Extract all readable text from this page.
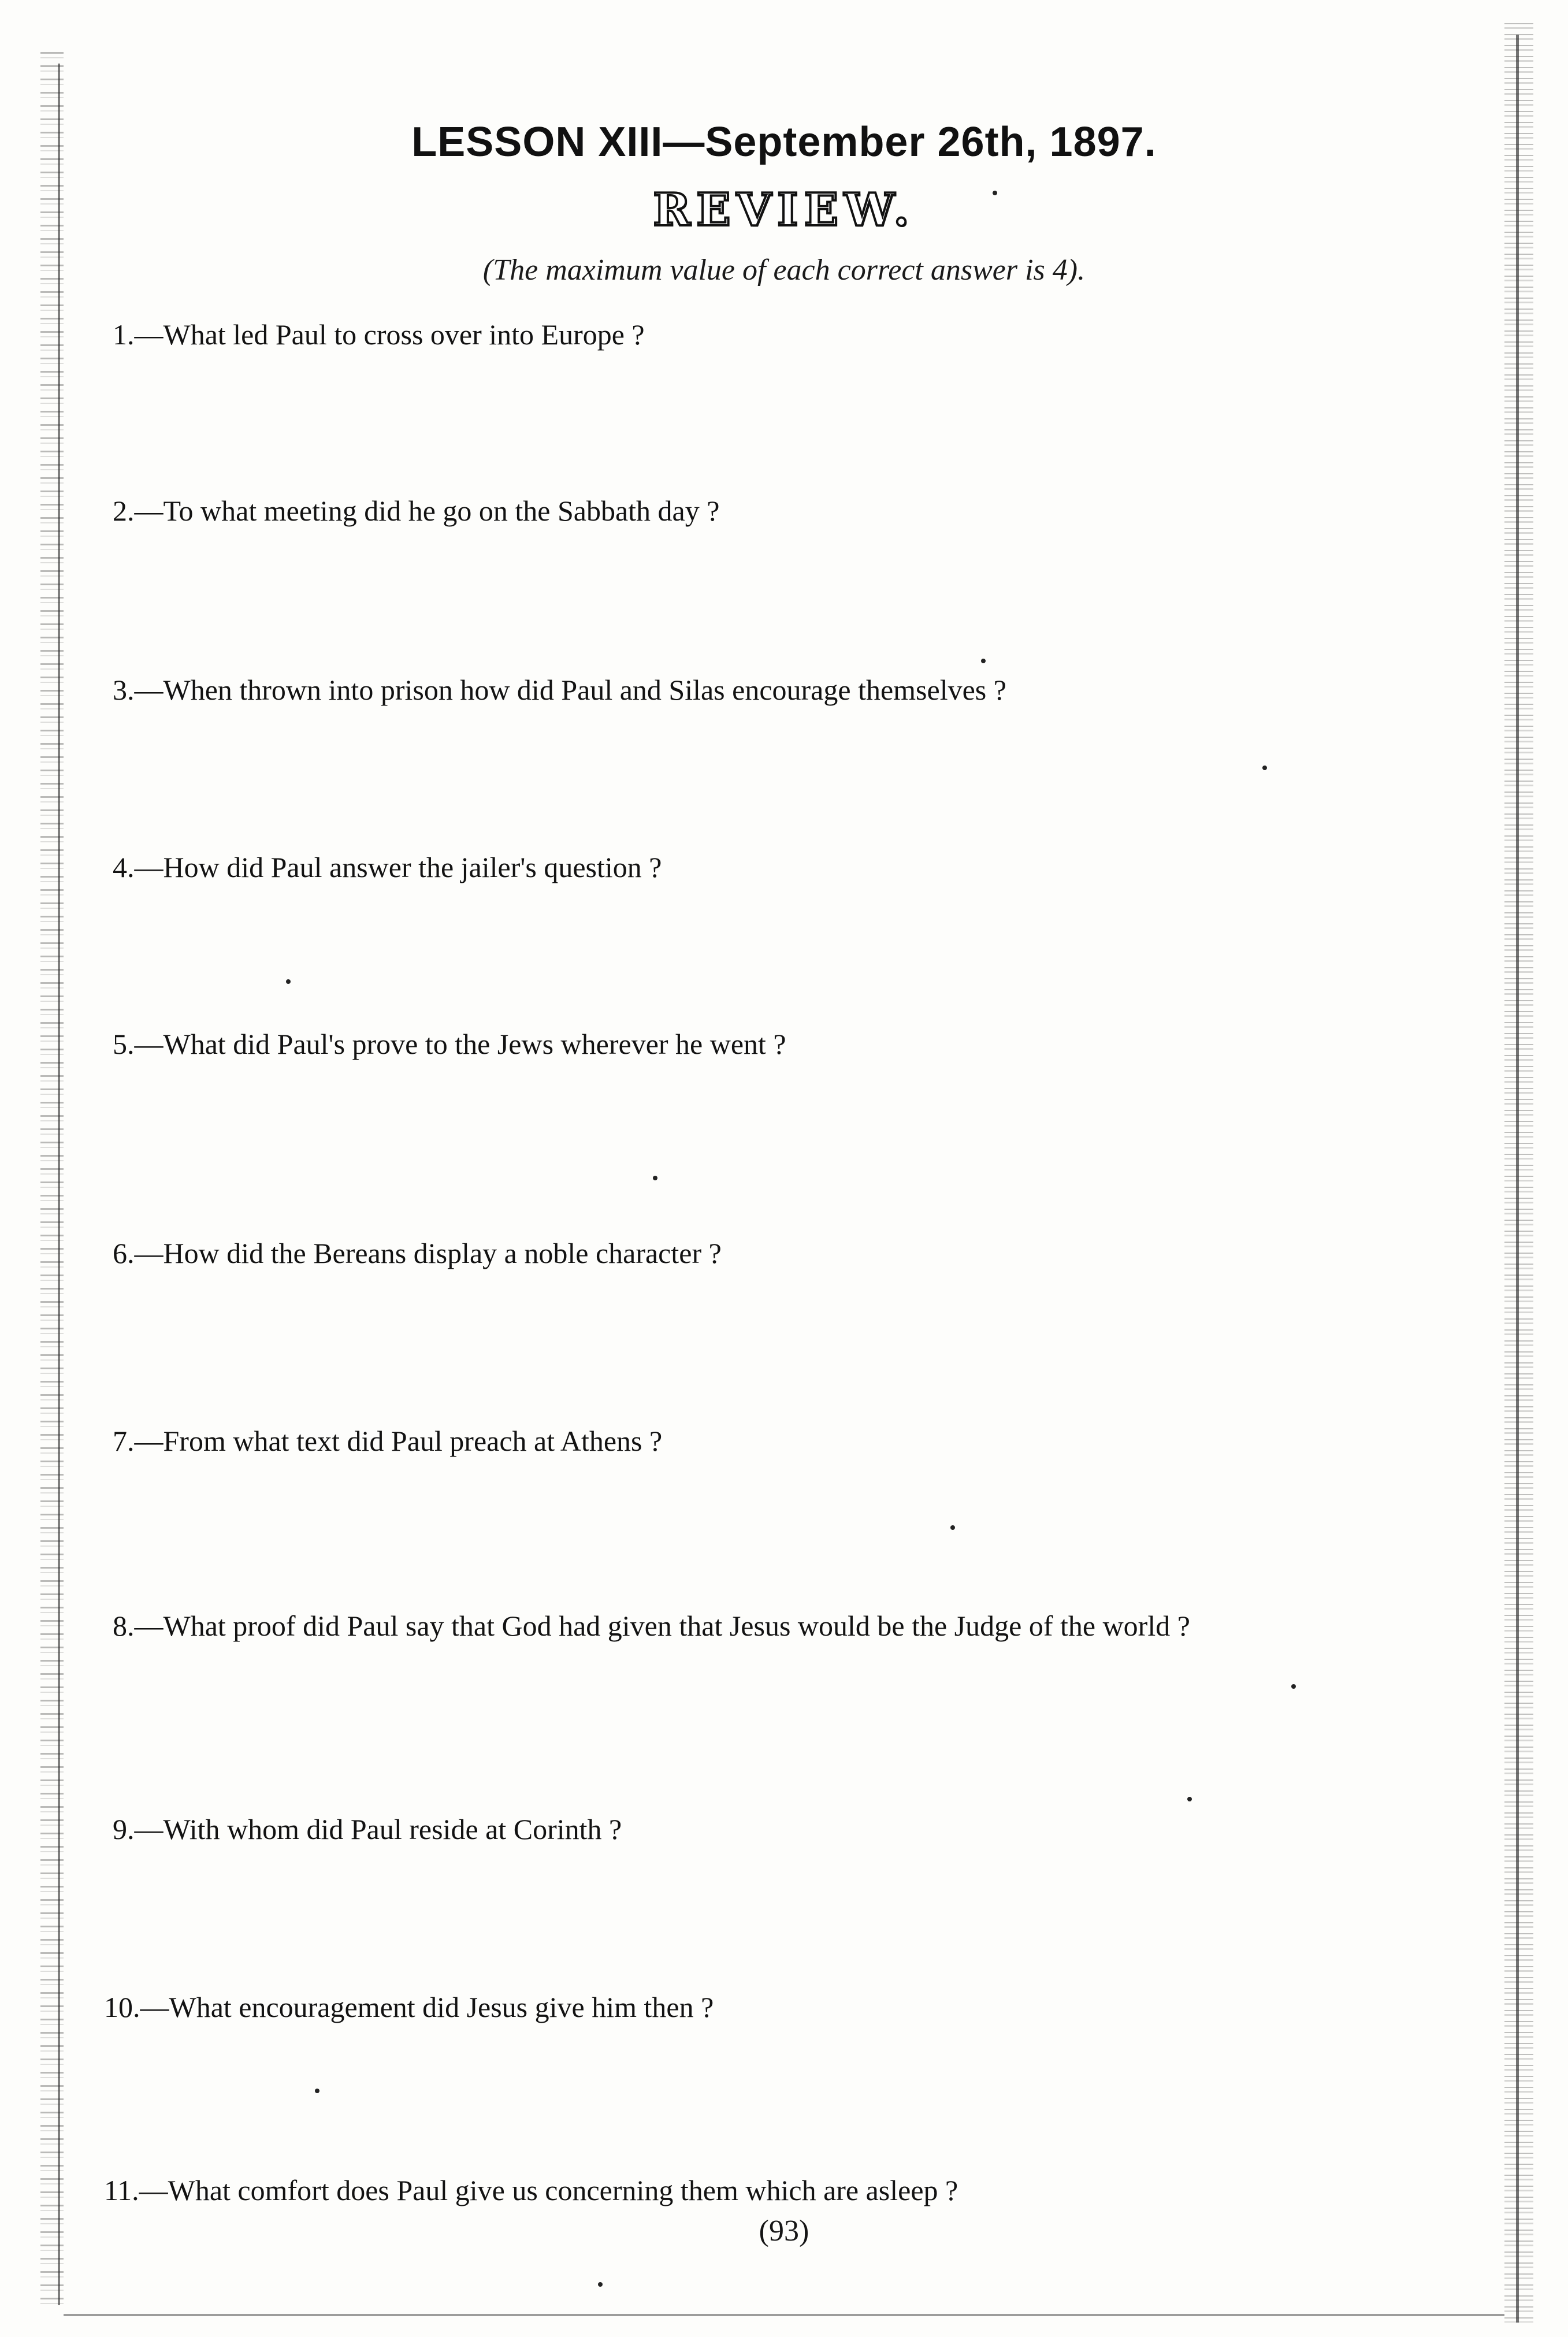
LESSON XIII—September 26th, 1897.
REVIEW.
(The maximum value of each correct answer is 4).
1.—What led Paul to cross over into Europe ?
2.—To what meeting did he go on the Sabbath day ?
3.—When thrown into prison how did Paul and Silas encourage themselves ?
4.—How did Paul answer the jailer's question ?
5.—What did Paul's prove to the Jews wherever he went ?
6.—How did the Bereans display a noble character ?
7.—From what text did Paul preach at Athens ?
8.—What proof did Paul say that God had given that Jesus would be the Judge of the world ?
9.—With whom did Paul reside at Corinth ?
10.—What encouragement did Jesus give him then ?
11.—What comfort does Paul give us concerning them which are asleep ?
(93)
